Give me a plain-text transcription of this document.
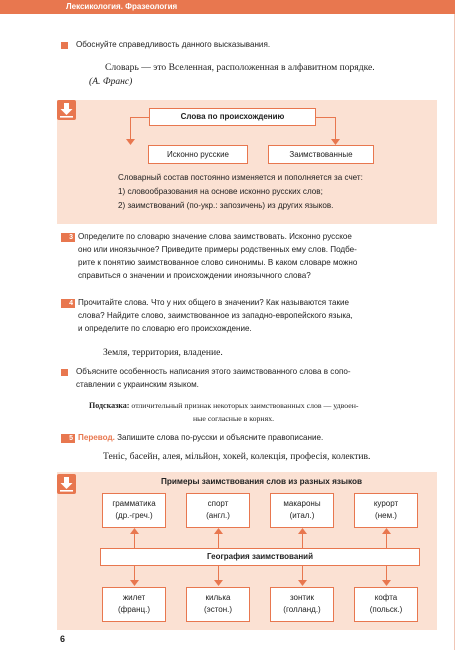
Лексикология. Фразеология
Обоснуйте справедливость данного высказывания.
Словарь — это Вселенная, расположенная в алфавитном порядке.
(А. Франс)
Слова по происхождению
Исконно русские	Заимствованные
Словарный состав постоянно изменяется и пополняется за счет:
1) словообразования на основе исконно русских слов;
2) заимствований (по-укр.: запозичень) из других языков.
3 Определите по словарю значение слова заимствовать. Исконно русское
оно или иноязычное? Приведите примеры родственных ему слов. Подбе-
рите к понятию заимствованное слово синонимы. В каком словаре можно
справиться о значении и происхождении иноязычного слова?
4 Прочитайте слова. Что у них общего в значении? Как называются такие
слова? Найдите слово, заимствованное из западно-европейского языка,
и определите по словарю его происхождение.
Земля, территория, владение.
Объясните особенность написания этого заимствованного слова в сопо-
ставлении с украинским языком.
Подсказка: отличительный признак некоторых заимствованных слов — удвоен-
ные согласные в корнях.
5 Перевод. Запишите слова по-русски и объясните правописание.
Теніс, басейн, алея, мільйон, хокей, колекція, професія, колектив.
Примеры заимствования слов из разных языков
грамматика
(др.-греч.)
спорт
(англ.)
макароны
(итал.)
курорт
(нем.)
География заимствований
жилет
(франц.)
килька
(эстон.)
зонтик
(голланд.)
кофта
(польск.)
6
